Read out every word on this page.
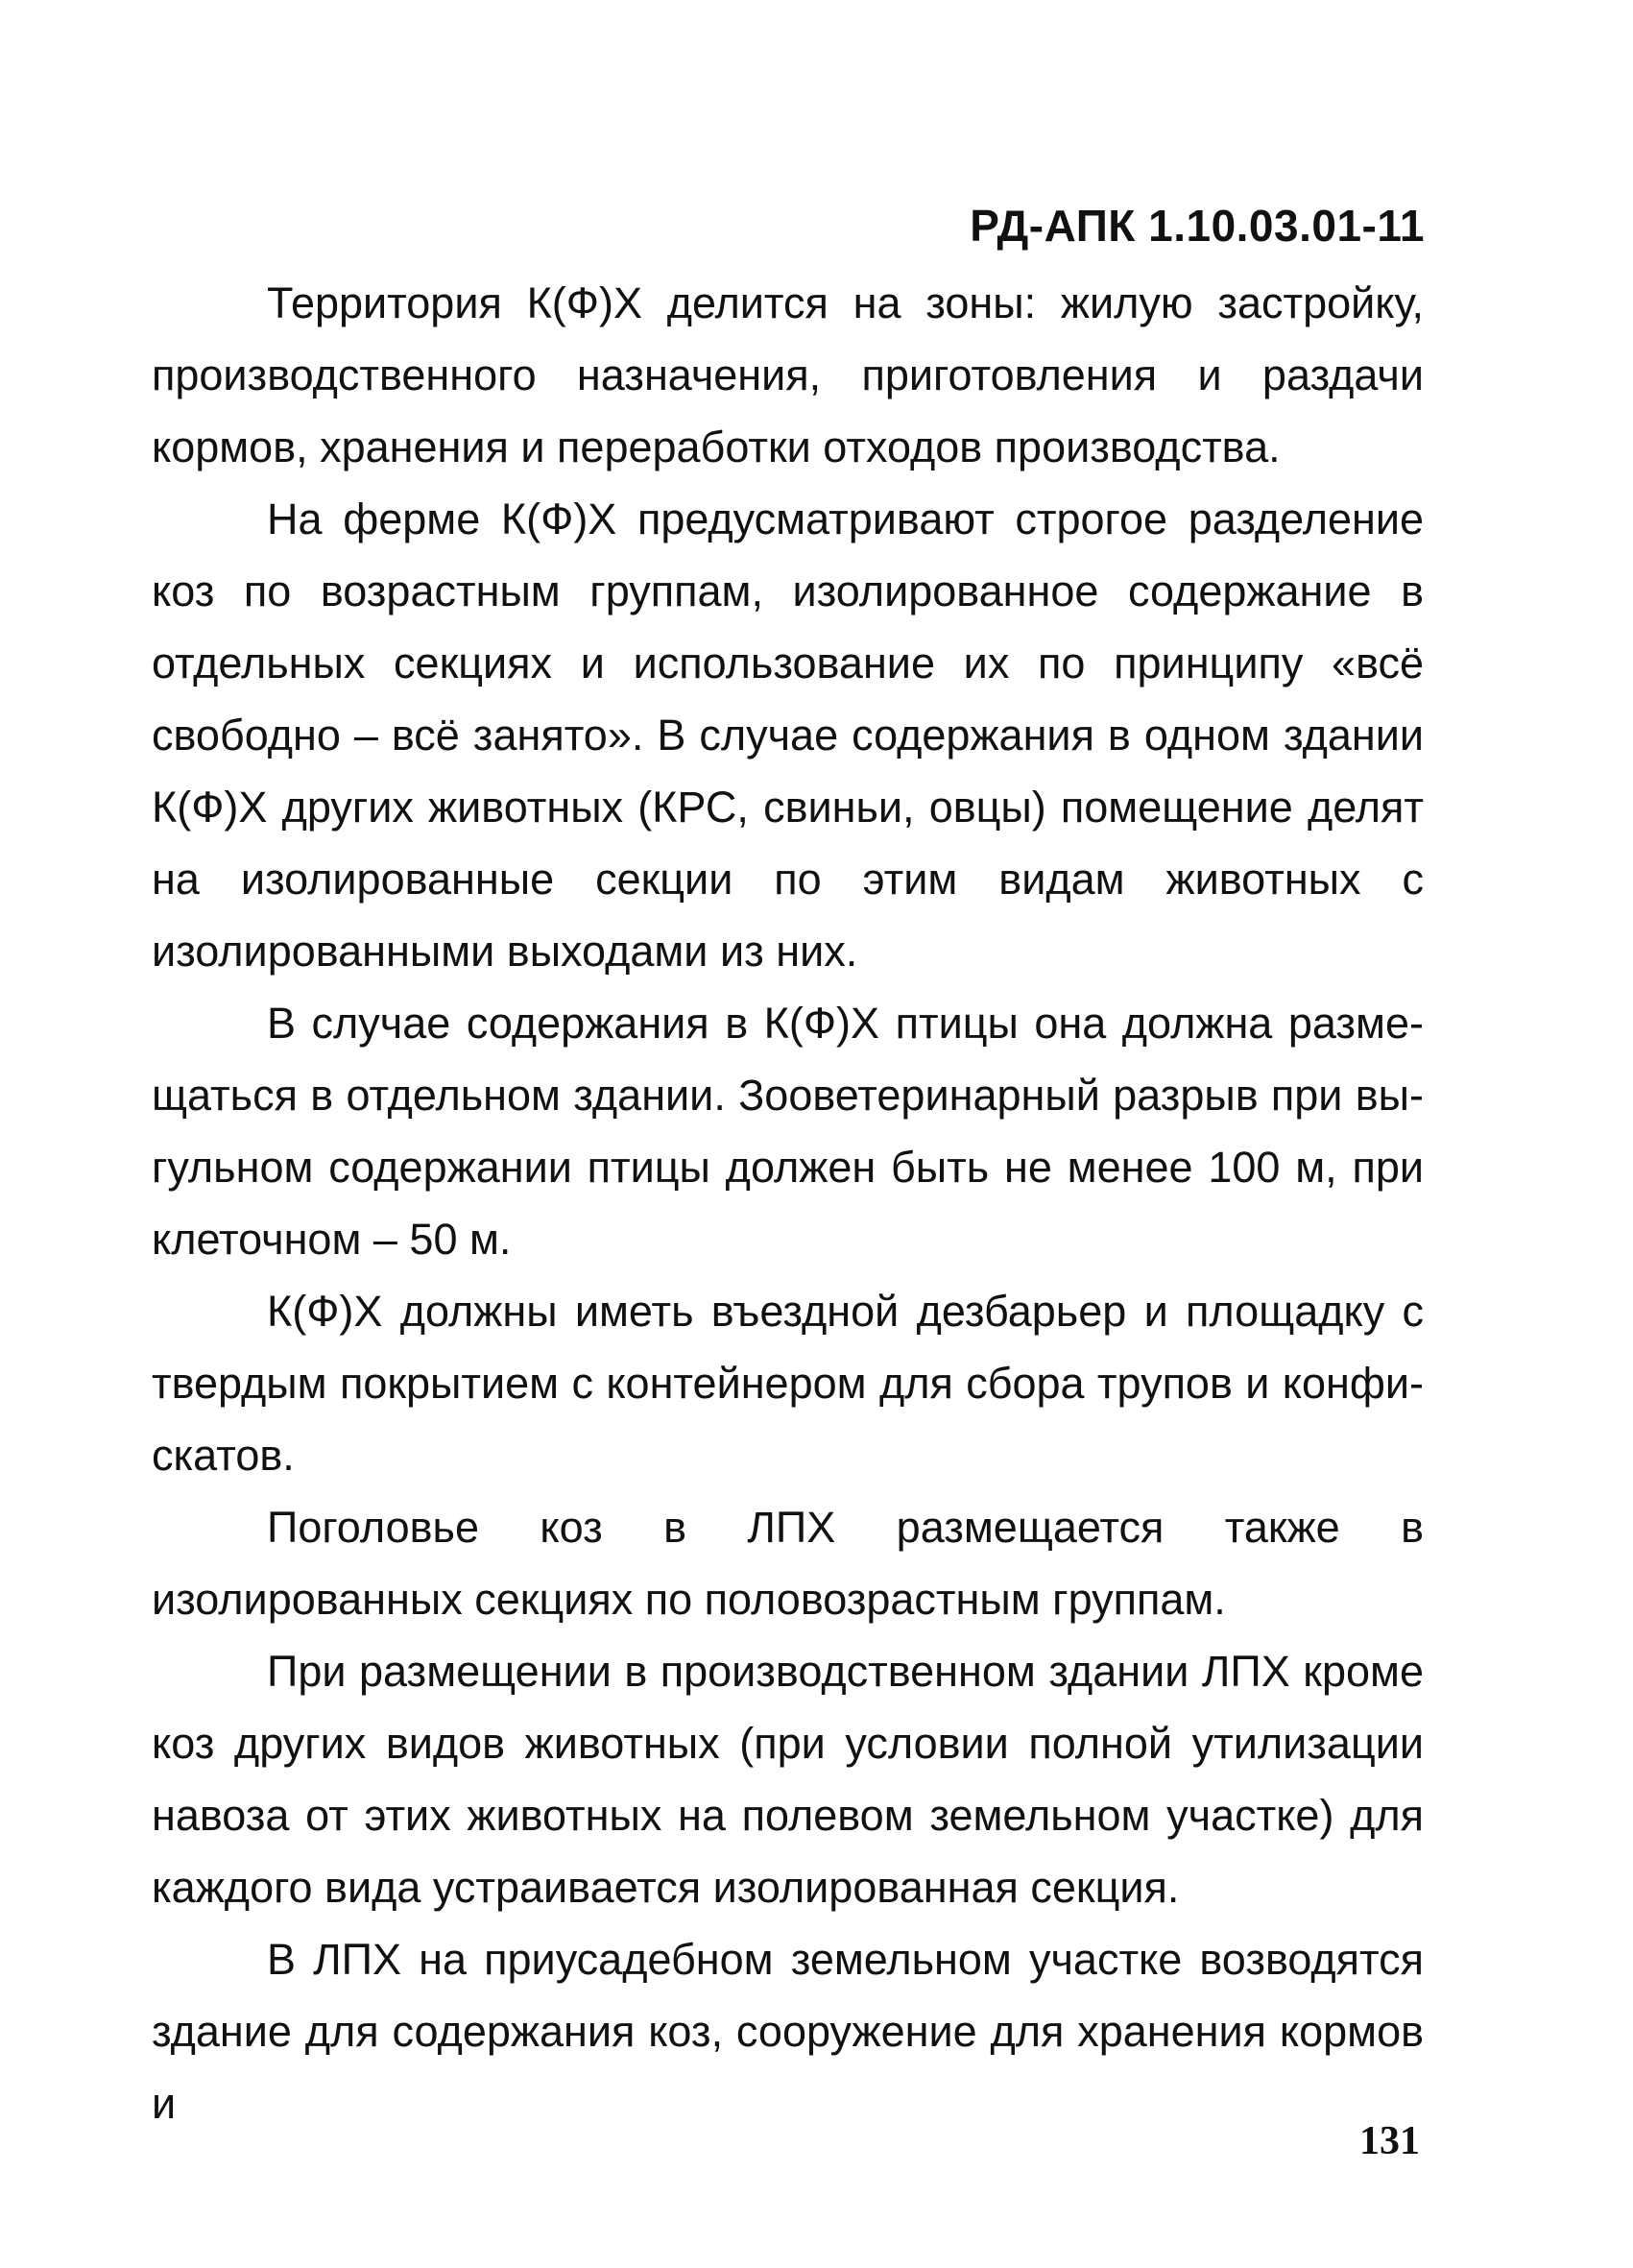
РД-АПК 1.10.03.01-11

Территория К(Ф)Х делится на зоны: жилую застройку, производственного назначения, приготовления и раздачи кормов, хранения и переработки отходов производства.

На ферме К(Ф)Х предусматривают строгое разделение коз по возрастным группам, изолированное содержание в отдельных секциях и использование их по принципу «всё свободно – всё занято». В случае содержания в одном здании К(Ф)Х других животных (КРС, свиньи, овцы) помещение делят на изолированные секции по этим видам животных с изолированными выходами из них.

В случае содержания в К(Ф)Х птицы она должна размещаться в отдельном здании. Зооветеринарный разрыв при выгульном содержании птицы должен быть не менее 100 м, при клеточном – 50 м.

К(Ф)Х должны иметь въездной дезбарьер и площадку с твердым покрытием с контейнером для сбора трупов и конфискатов.

Поголовье коз в ЛПХ размещается также в изолированных секциях по половозрастным группам.

При размещении в производственном здании ЛПХ кроме коз других видов животных (при условии полной утилизации навоза от этих животных на полевом земельном участке) для каждого вида устраивается изолированная секция.

В ЛПХ на приусадебном земельном участке возводятся здание для содержания коз, сооружение для хранения кормов и

131
